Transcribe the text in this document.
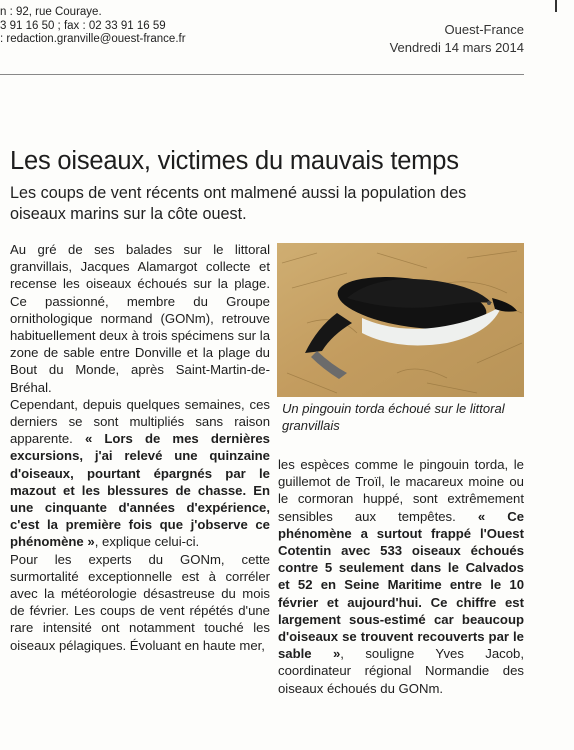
n : 92, rue Couraye.
3 91 16 50 ; fax : 02 33 91 16 59
: redaction.granville@ouest-france.fr
Ouest-France
Vendredi 14 mars 2014
Les oiseaux, victimes du mauvais temps
Les coups de vent récents ont malmené aussi la population des oiseaux marins sur la côte ouest.

Au gré de ses balades sur le littoral granvillais, Jacques Alamargot collecte et recense les oiseaux échoués sur la plage. Ce passionné, membre du Groupe ornithologique normand (GONm), retrouve habituellement deux à trois spécimens sur la zone de sable entre Donville et la plage du Bout du Monde, après Saint-Martin-de-Bréhal.

Cependant, depuis quelques semaines, ces derniers se sont multipliés sans raison apparente. « Lors de mes dernières excursions, j'ai relevé une quinzaine d'oiseaux, pourtant épargnés par le mazout et les blessures de chasse. En une cinquante d'années d'expérience, c'est la première fois que j'observe ce phénomène », explique celui-ci.

Pour les experts du GONm, cette surmortalité exceptionnelle est à corréler avec la météorologie désastreuse du mois de février. Les coups de vent répétés d'une rare intensité ont notamment touché les oiseaux pélagiques. Évoluant en haute mer,

Un pingouin torda échoué sur le littoral granvillais

les espèces comme le pingouin torda, le guillemot de Troïl, le macareux moine ou le cormoran huppé, sont extrêmement sensibles aux tempêtes. « Ce phénomène a surtout frappé l'Ouest Cotentin avec 533 oiseaux échoués contre 5 seulement dans le Calvados et 52 en Seine Maritime entre le 10 février et aujourd'hui. Ce chiffre est largement sous-estimé car beaucoup d'oiseaux se trouvent recouverts par le sable », souligne Yves Jacob, coordinateur régional Normandie des oiseaux échoués du GONm.
